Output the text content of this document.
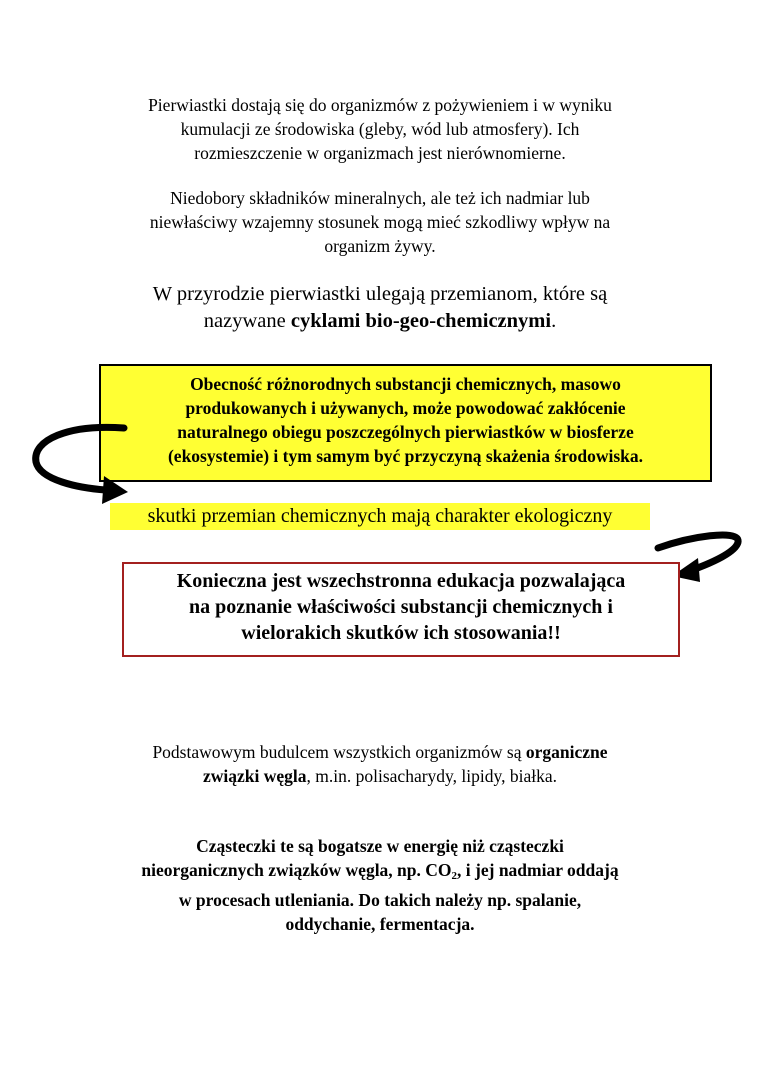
Pierwiastki dostają się do organizmów z pożywieniem i w wyniku
kumulacji ze środowiska (gleby, wód lub atmosfery). Ich
rozmieszczenie w organizmach jest nierównomierne.
Niedobory składników mineralnych, ale też ich nadmiar lub
niewłaściwy wzajemny stosunek mogą mieć szkodliwy wpływ na
organizm żywy.
W przyrodzie pierwiastki ulegają przemianom, które są
nazywane cyklami bio-geo-chemicznymi.
Obecność różnorodnych substancji chemicznych, masowo
produkowanych i używanych, może powodować zakłócenie
naturalnego obiegu poszczególnych pierwiastków w biosferze
(ekosystemie) i tym samym być przyczyną skażenia środowiska.
skutki przemian chemicznych mają charakter ekologiczny
Konieczna jest wszechstronna edukacja pozwalająca
na poznanie właściwości substancji chemicznych i
wielorakich skutków ich stosowania!!
Podstawowym budulcem wszystkich organizmów są organiczne
związki węgla, m.in. polisacharydy, lipidy, białka.
Cząsteczki te są bogatsze w energię niż cząsteczki
nieorganicznych związków węgla, np. $CO_2$, i jej nadmiar oddają
w procesach utleniania. Do takich należy np. spalanie,
oddychanie, fermentacja.
